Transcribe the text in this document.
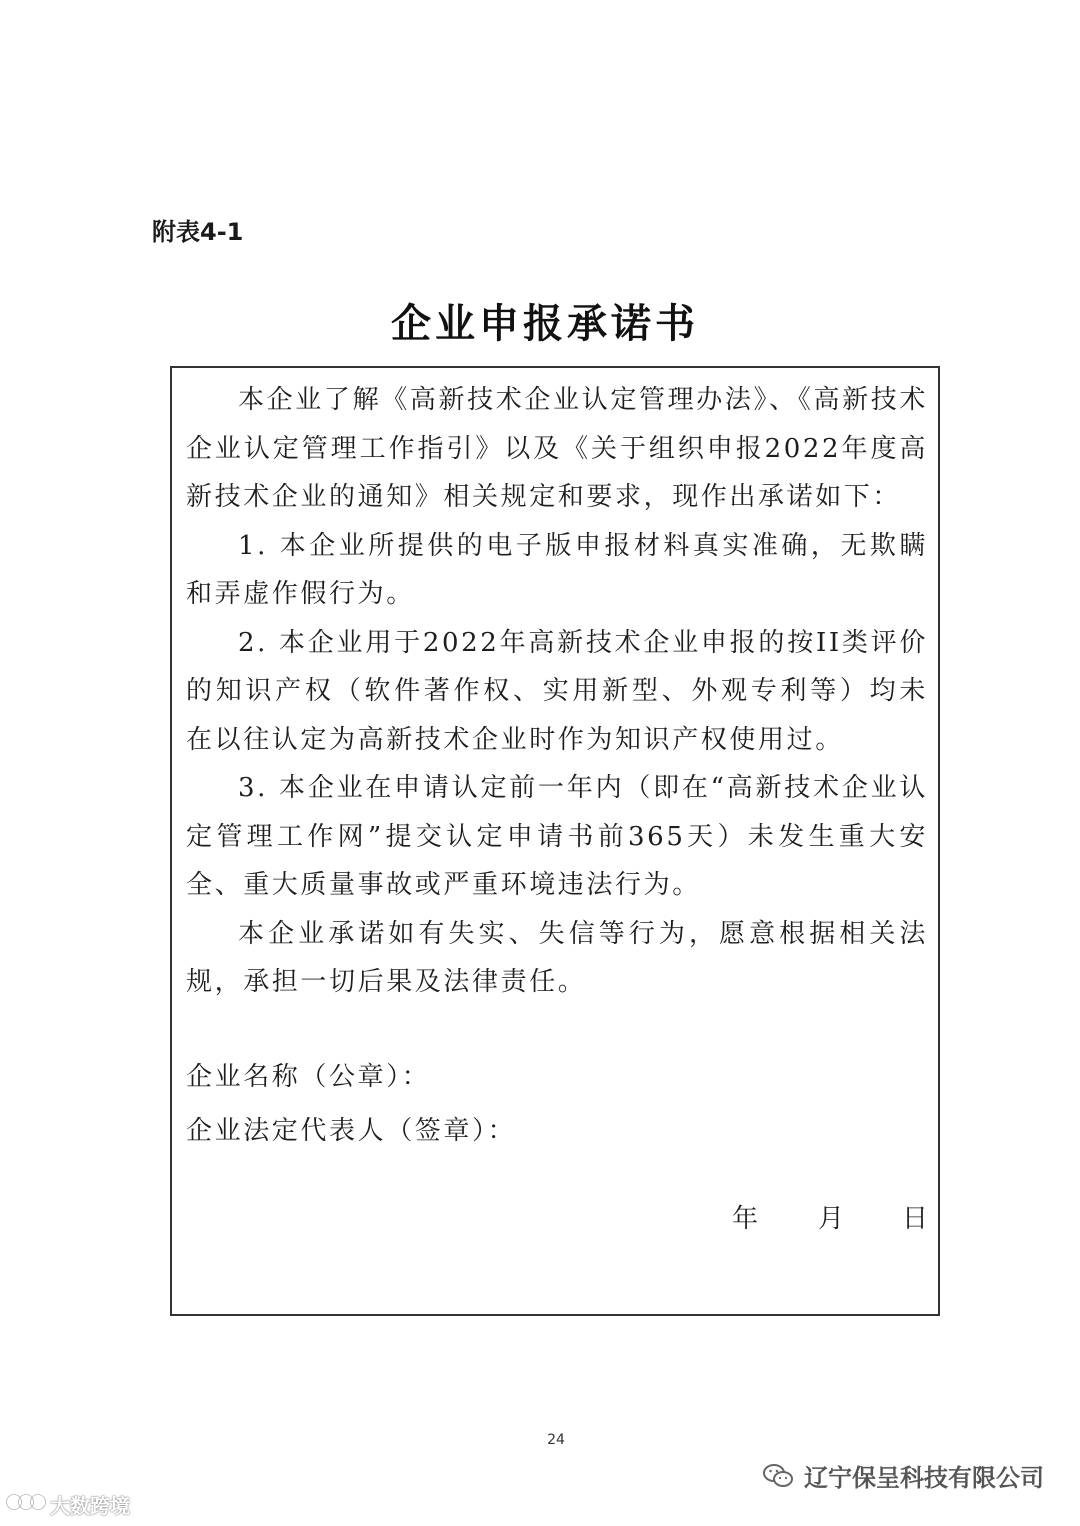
附表4-1
企业申报承诺书

本企业了解《高新技术企业认定管理办法》、《高新技术企业认定管理工作指引》以及《关于组织申报2022年度高新技术企业的通知》相关规定和要求，现作出承诺如下：

1. 本企业所提供的电子版申报材料真实准确，无欺瞒和弄虚作假行为。

2. 本企业用于2022年高新技术企业申报的按II类评价的知识产权（软件著作权、实用新型、外观专利等）均未在以往认定为高新技术企业时作为知识产权使用过。

3. 本企业在申请认定前一年内（即在“高新技术企业认定管理工作网”提交认定申请书前365天）未发生重大安全、重大质量事故或严重环境违法行为。

本企业承诺如有失实、失信等行为，愿意根据相关法规，承担一切后果及法律责任。

企业名称（公章）：
企业法定代表人（签章）：
年 月 日
24
大数跨境
辽宁保呈科技有限公司
